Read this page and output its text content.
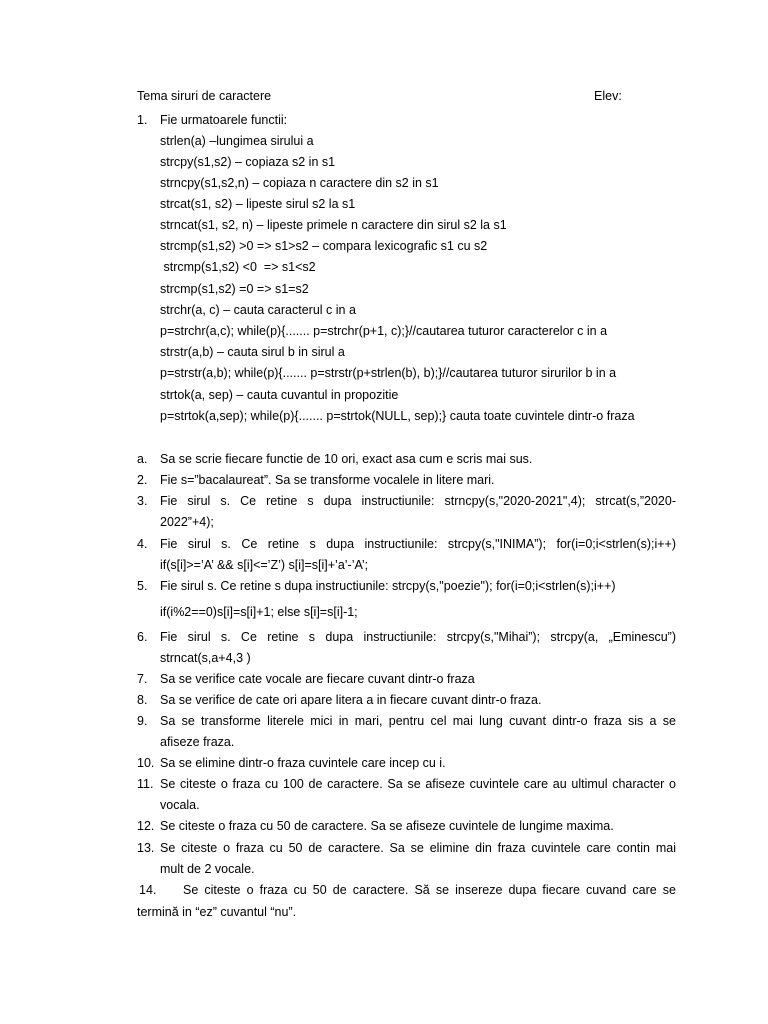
Tema siruri de caractere	Elev:
1. Fie urmatoarele functii:
strlen(a) –lungimea sirului a
strcpy(s1,s2) – copiaza s2 in s1
strncpy(s1,s2,n) – copiaza n caractere din s2 in s1
strcat(s1, s2) – lipeste sirul s2 la s1
strncat(s1, s2, n) – lipeste primele n caractere din sirul s2 la s1
strcmp(s1,s2) >0 => s1>s2 – compara lexicografic s1 cu s2
strcmp(s1,s2) <0  => s1<s2
strcmp(s1,s2) =0 => s1=s2
strchr(a, c) – cauta caracterul c in a
p=strchr(a,c); while(p){....... p=strchr(p+1, c);}//cautarea tuturor caracterelor c in a
strstr(a,b) – cauta sirul b in sirul a
p=strstr(a,b); while(p){....... p=strstr(p+strlen(b), b);}//cautarea tuturor sirurilor b in a
strtok(a, sep) – cauta cuvantul in propozitie
p=strtok(a,sep); while(p){....... p=strtok(NULL, sep);} cauta toate cuvintele dintr-o fraza
a. Sa se scrie fiecare functie de 10 ori, exact asa cum e scris mai sus.
2. Fie s=”bacalaureat”. Sa se transforme vocalele in litere mari.
3. Fie sirul s. Ce retine s dupa instructiunile: strncpy(s,"2020-2021",4); strcat(s,”2020-
2022”+4);
4. Fie sirul s. Ce retine s dupa instructiunile: strcpy(s,"INIMA”); for(i=0;i<strlen(s);i++)
if(s[i]>=’A’ && s[i]<=’Z’) s[i]=s[i]+’a’-’A’;
5. Fie sirul s. Ce retine s dupa instructiunile: strcpy(s,"poezie"); for(i=0;i<strlen(s);i++)
if(i%2==0)s[i]=s[i]+1; else s[i]=s[i]-1;
6. Fie sirul s. Ce retine s dupa instructiunile: strcpy(s,"Mihai”); strcpy(a, „Eminescu”)
strncat(s,a+4,3 )
7. Sa se verifice cate vocale are fiecare cuvant dintr-o fraza
8. Sa se verifice de cate ori apare litera a in fiecare cuvant dintr-o fraza.
9. Sa se transforme literele mici in mari, pentru cel mai lung cuvant dintr-o fraza sis a se
afiseze fraza.
10. Sa se elimine dintr-o fraza cuvintele care incep cu i.
11. Se citeste o fraza cu 100 de caractere. Sa se afiseze cuvintele care au ultimul character o
vocala.
12. Se citeste o fraza cu 50 de caractere. Sa se afiseze cuvintele de lungime maxima.
13. Se citeste o fraza cu 50 de caractere. Sa se elimine din fraza cuvintele care contin mai
mult de 2 vocale.
14. Se citeste o fraza cu 50 de caractere. Să se insereze dupa fiecare cuvand care se
termină in “ez” cuvantul “nu”.
